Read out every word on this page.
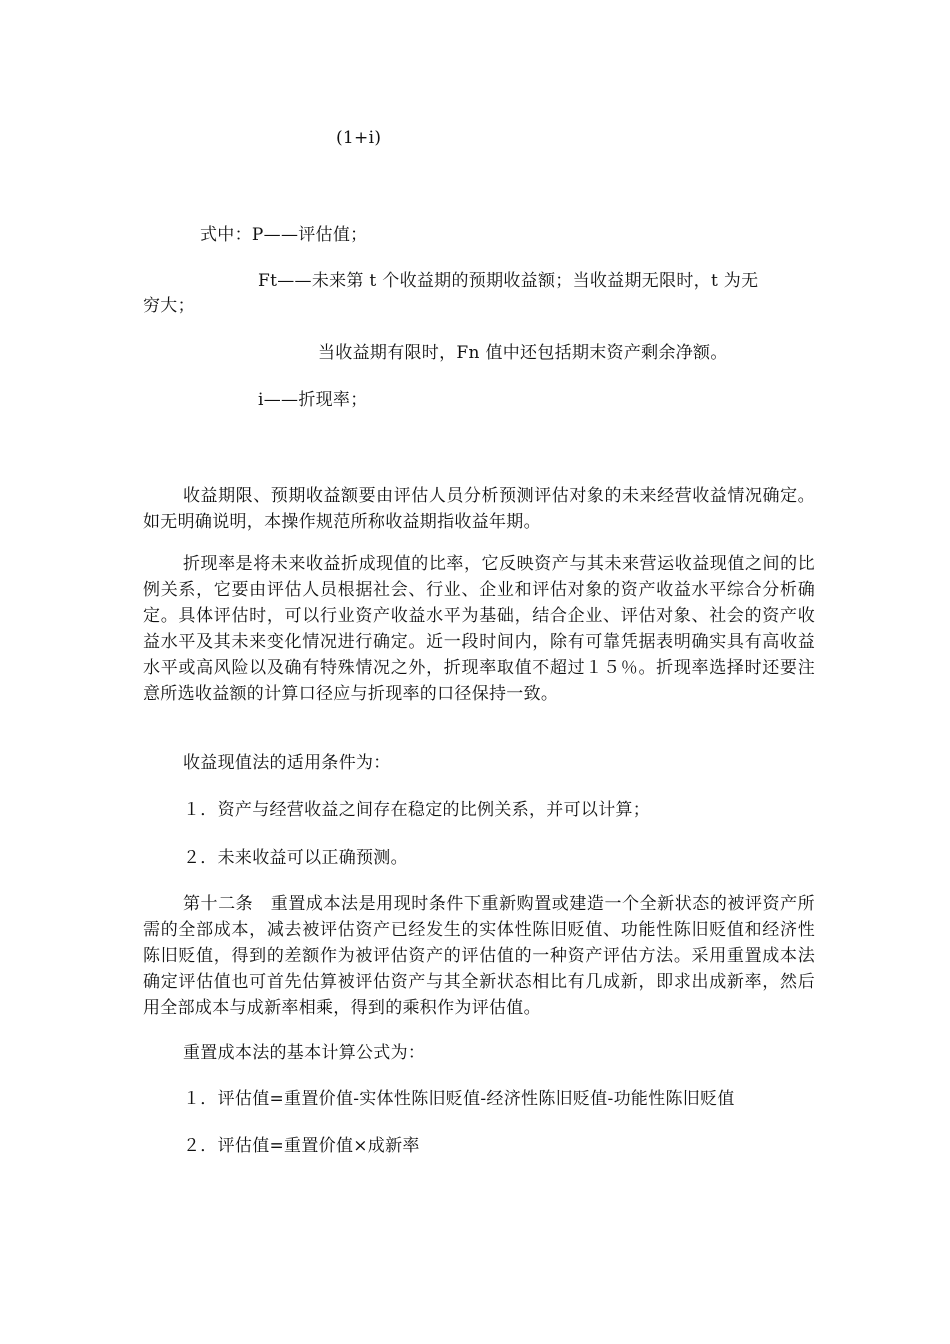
(1+i)
式中：P——评估值；
Ft——未来第 t 个收益期的预期收益额；当收益期无限时，t 为无
穷大；
当收益期有限时，Fn 值中还包括期末资产剩余净额。
i——折现率；
收益期限、预期收益额要由评估人员分析预测评估对象的未来经营收益情况确定。如无明确说明，本操作规范所称收益期指收益年期。
折现率是将未来收益折成现值的比率，它反映资产与其未来营运收益现值之间的比例关系，它要由评估人员根据社会、行业、企业和评估对象的资产收益水平综合分析确定。具体评估时，可以行业资产收益水平为基础，结合企业、评估对象、社会的资产收益水平及其未来变化情况进行确定。近一段时间内，除有可靠凭据表明确实具有高收益水平或高风险以及确有特殊情况之外，折现率取值不超过１５％。折现率选择时还要注意所选收益额的计算口径应与折现率的口径保持一致。
收益现值法的适用条件为：
１．资产与经营收益之间存在稳定的比例关系，并可以计算；
２．未来收益可以正确预测。
第十二条　重置成本法是用现时条件下重新购置或建造一个全新状态的被评资产所需的全部成本，减去被评估资产已经发生的实体性陈旧贬值、功能性陈旧贬值和经济性陈旧贬值，得到的差额作为被评估资产的评估值的一种资产评估方法。采用重置成本法确定评估值也可首先估算被评估资产与其全新状态相比有几成新，即求出成新率，然后用全部成本与成新率相乘，得到的乘积作为评估值。
重置成本法的基本计算公式为：
１．评估值=重置价值-实体性陈旧贬值-经济性陈旧贬值-功能性陈旧贬值
２．评估值=重置价值×成新率
